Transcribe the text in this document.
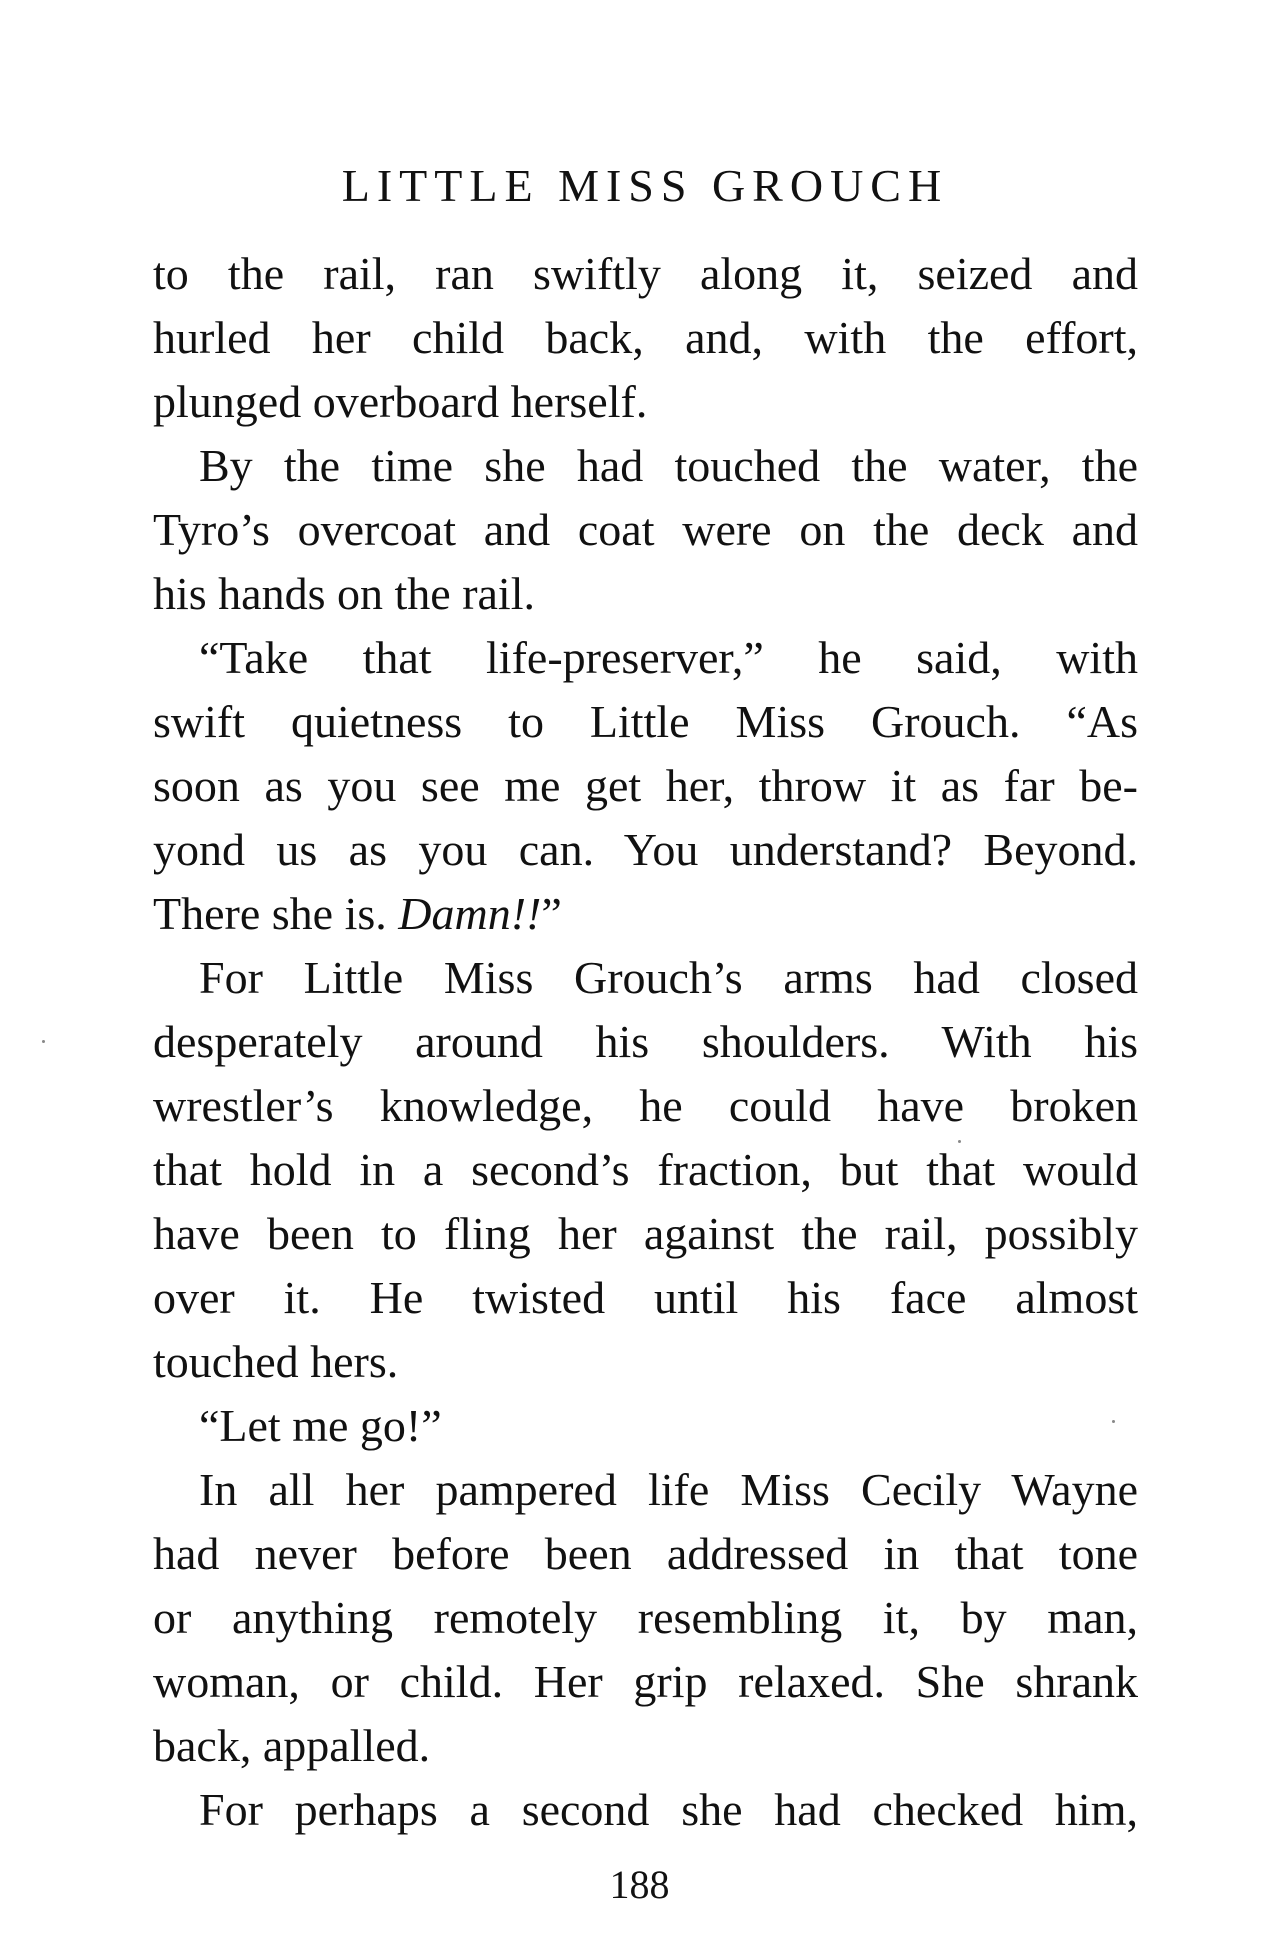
LITTLE MISS GROUCH
to the rail, ran swiftly along it, seized and
hurled her child back, and, with the effort,
plunged overboard herself.
By the time she had touched the water, the
Tyro’s overcoat and coat were on the deck and
his hands on the rail.
“Take that life-preserver,” he said, with
swift quietness to Little Miss Grouch. “As
soon as you see me get her, throw it as far be-
yond us as you can. You understand? Beyond.
There she is. Damn!!”
For Little Miss Grouch’s arms had closed
desperately around his shoulders. With his
wrestler’s knowledge, he could have broken
that hold in a second’s fraction, but that would
have been to fling her against the rail, possibly
over it. He twisted until his face almost
touched hers.
“Let me go!”
In all her pampered life Miss Cecily Wayne
had never before been addressed in that tone
or anything remotely resembling it, by man,
woman, or child. Her grip relaxed. She shrank
back, appalled.
For perhaps a second she had checked him,
188
